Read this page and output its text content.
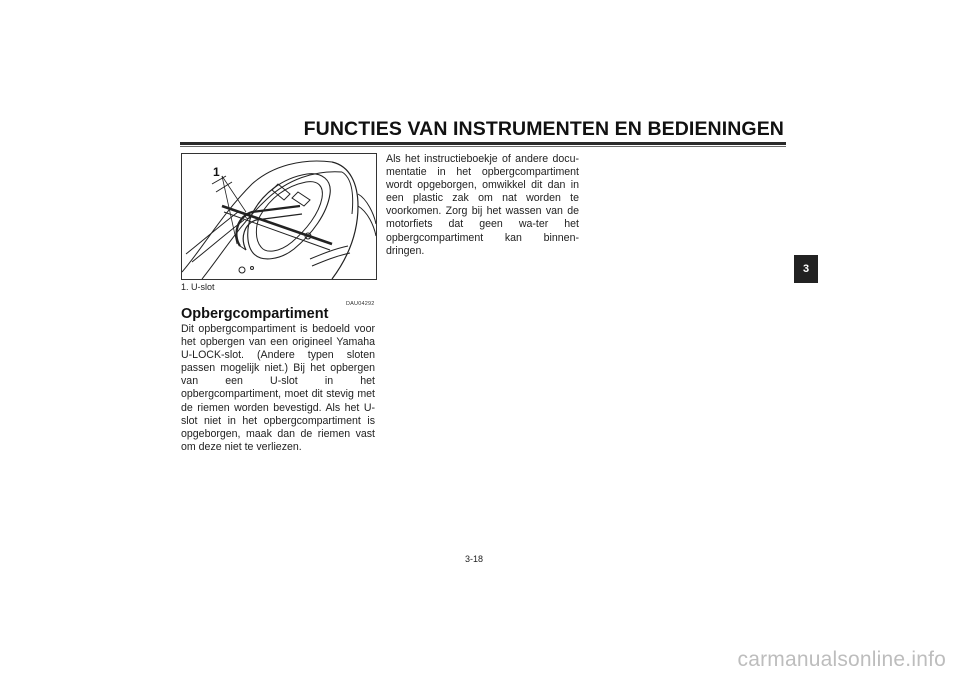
FUNCTIES VAN INSTRUMENTEN EN BEDIENINGEN
1
1. U-slot
DAU04292
Opbergcompartiment

Dit opbergcompartiment is bedoeld voor het opbergen van een origineel Yamaha U-LOCK-slot. (Andere typen sloten passen mogelijk niet.) Bij het opbergen van een U-slot in het opbergcompartiment, moet dit stevig met de riemen worden bevestigd. Als het U-slot niet in het opbergcompartiment is opgeborgen, maak dan de riemen vast om deze niet te verliezen.

Als het instructieboekje of andere docu-mentatie in het opbergcompartiment wordt opgeborgen, omwikkel dit dan in een plastic zak om nat worden te voorkomen. Zorg bij het wassen van de motorfiets dat geen wa-ter het opbergcompartiment kan binnen-dringen.

3
3-18
carmanualsonline.info
